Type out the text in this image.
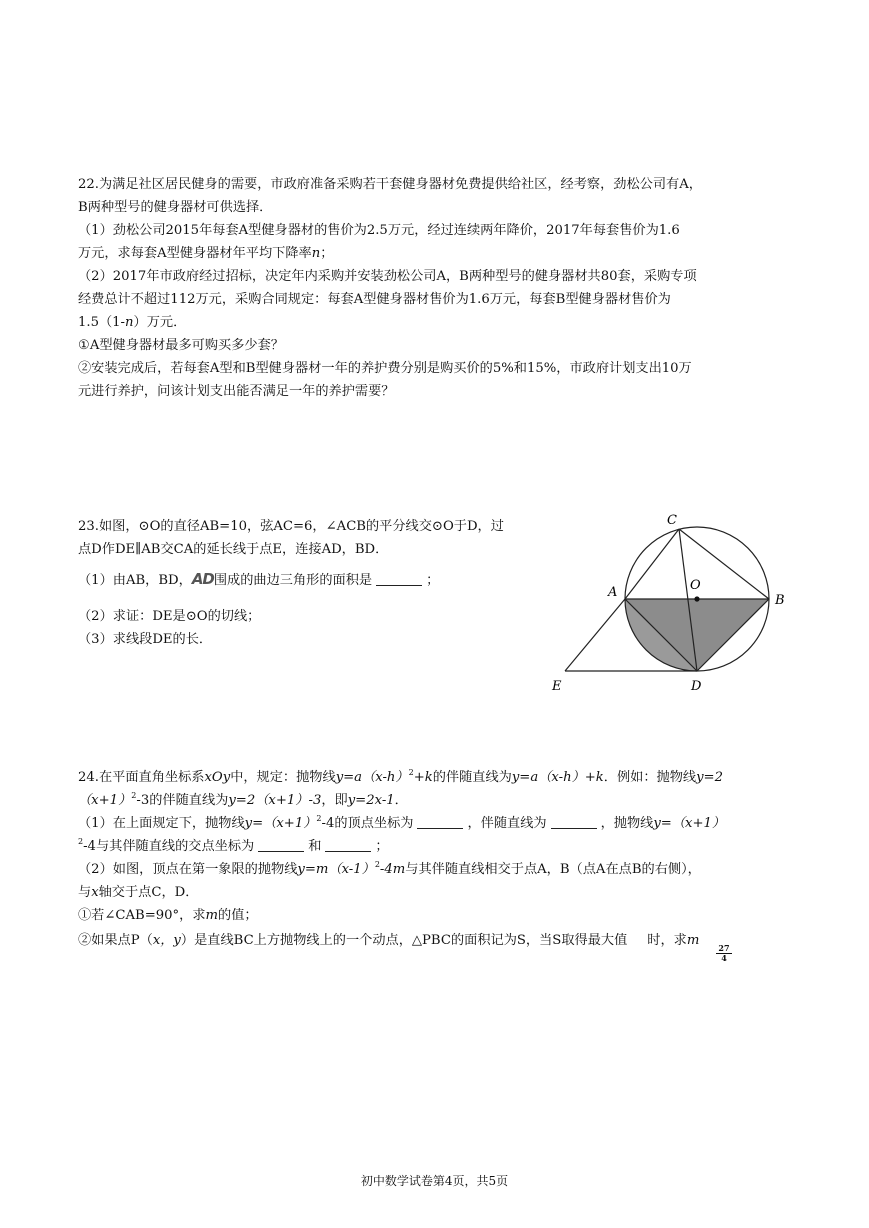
22.为满足社区居民健身的需要，市政府准备采购若干套健身器材免费提供给社区，经考察，劲松公司有A，
B两种型号的健身器材可供选择．
（1）劲松公司2015年每套A型健身器材的售价为2.5万元，经过连续两年降价，2017年每套售价为1.6
万元，求每套A型健身器材年平均下降率n；
（2）2017年市政府经过招标，决定年内采购并安装劲松公司A，B两种型号的健身器材共80套，采购专项
经费总计不超过112万元，采购合同规定：每套A型健身器材售价为1.6万元，每套B型健身器材售价为
1.5（1-n）万元．
①A型健身器材最多可购买多少套？
②安装完成后，若每套A型和B型健身器材一年的养护费分别是购买价的5%和15%，市政府计划支出10万
元进行养护，问该计划支出能否满足一年的养护需要？
23.如图，⊙O的直径AB=10，弦AC=6，∠ACB的平分线交⊙O于D，过
点D作DE∥AB交CA的延长线于点E，连接AD，BD．
（1）由AB，BD，AD围成的曲边三角形的面积是	；
（2）求证：DE是⊙O的切线；
（3）求线段DE的长．
C
A	O
B
E	D
24.在平面直角坐标系xOy中，规定：抛物线$y=a(x-h)^2+k$的伴随直线为y=a（x-h）+k．例如：抛物线y=2
$(x+1)^2-3$的伴随直线为y=2（x+1）-3，即y=2x-1．
（1）在上面规定下，抛物线$y=(x+1)^2-4$的顶点坐标为	，伴随直线为	，抛物线y=（x+1）
$^2$-4与其伴随直线的交点坐标为	和	；
（2）如图，顶点在第一象限的抛物线$y=m(x-1)^2-4m$与其伴随直线相交于点A，B（点A在点B的右侧），
与x轴交于点C，D．
①若∠CAB=90°，求m的值；
②如果点P（x，y）是直线BC上方抛物线上的一个动点，△PBC的面积记为S，当S取得最大值 时，求m
$\frac{27}{4}$
初中数学试卷第4页，共5页
